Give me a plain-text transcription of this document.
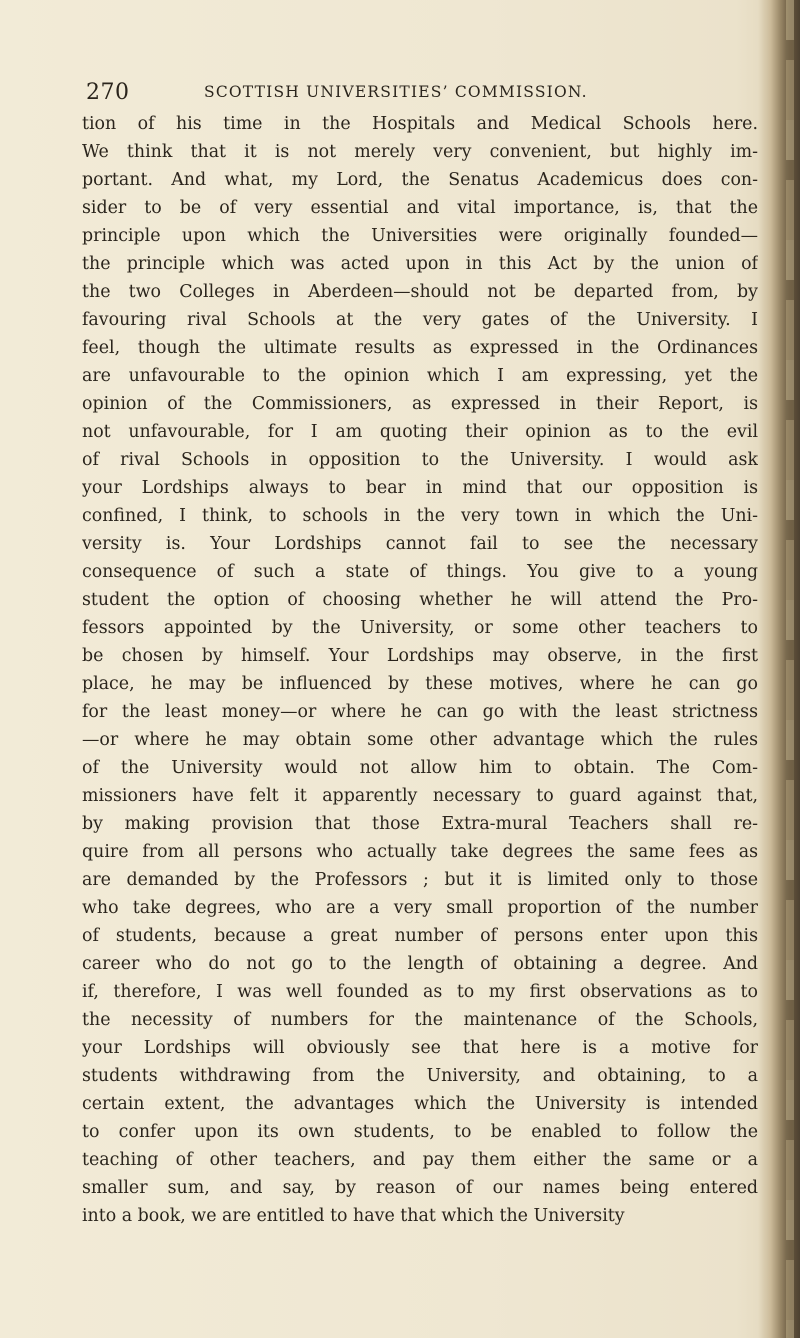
270	SCOTTISH UNIVERSITIES’ COMMISSION.
tion of his time in the Hospitals and Medical Schools here.
We think that it is not merely very convenient, but highly im-
portant. And what, my Lord, the Senatus Academicus does con-
sider to be of very essential and vital importance, is, that the
principle upon which the Universities were originally founded—
the principle which was acted upon in this Act by the union of
the two Colleges in Aberdeen—should not be departed from, by
favouring rival Schools at the very gates of the University. I
feel, though the ultimate results as expressed in the Ordinances
are unfavourable to the opinion which I am expressing, yet the
opinion of the Commissioners, as expressed in their Report, is
not unfavourable, for I am quoting their opinion as to the evil
of rival Schools in opposition to the University. I would ask
your Lordships always to bear in mind that our opposition is
confined, I think, to schools in the very town in which the Uni-
versity is. Your Lordships cannot fail to see the necessary
consequence of such a state of things. You give to a young
student the option of choosing whether he will attend the Pro-
fessors appointed by the University, or some other teachers to
be chosen by himself. Your Lordships may observe, in the first
place, he may be influenced by these motives, where he can go
for the least money—or where he can go with the least strictness
—or where he may obtain some other advantage which the rules
of the University would not allow him to obtain. The Com-
missioners have felt it apparently necessary to guard against that,
by making provision that those Extra-mural Teachers shall re-
quire from all persons who actually take degrees the same fees as
are demanded by the Professors ; but it is limited only to those
who take degrees, who are a very small proportion of the number
of students, because a great number of persons enter upon this
career who do not go to the length of obtaining a degree. And
if, therefore, I was well founded as to my first observations as to
the necessity of numbers for the maintenance of the Schools,
your Lordships will obviously see that here is a motive for
students withdrawing from the University, and obtaining, to a
certain extent, the advantages which the University is intended
to confer upon its own students, to be enabled to follow the
teaching of other teachers, and pay them either the same or a
smaller sum, and say, by reason of our names being entered
into a book, we are entitled to have that which the University
